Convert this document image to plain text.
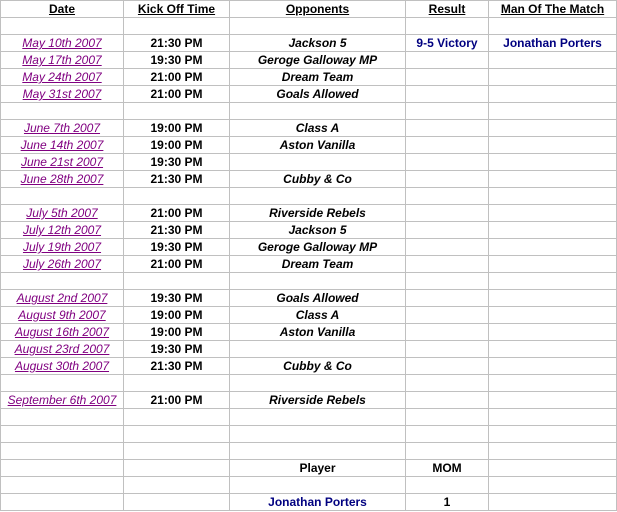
Date	Kick Off Time	Opponents	Result	Man Of The Match

May 10th 2007	21:30 PM	Jackson 5	9-5 Victory	Jonathan Porters
May 17th 2007	19:30 PM	Geroge Galloway MP		
May 24th 2007	21:00 PM	Dream Team		
May 31st 2007	21:00 PM	Goals Allowed		

June 7th 2007	19:00 PM	Class A		
June 14th 2007	19:00 PM	Aston Vanilla		
June 21st 2007	19:30 PM			
June 28th 2007	21:30 PM	Cubby & Co		

July 5th 2007	21:00 PM	Riverside Rebels		
July 12th 2007	21:30 PM	Jackson 5		
July 19th 2007	19:30 PM	Geroge Galloway MP		
July 26th 2007	21:00 PM	Dream Team		

August 2nd 2007	19:30 PM	Goals Allowed		
August 9th 2007	19:00 PM	Class A		
August 16th 2007	19:00 PM	Aston Vanilla		
August 23rd 2007	19:30 PM			
August 30th 2007	21:30 PM	Cubby & Co		

September 6th 2007	21:00 PM	Riverside Rebels		

		Player	MOM	

		Jonathan Porters	1	
